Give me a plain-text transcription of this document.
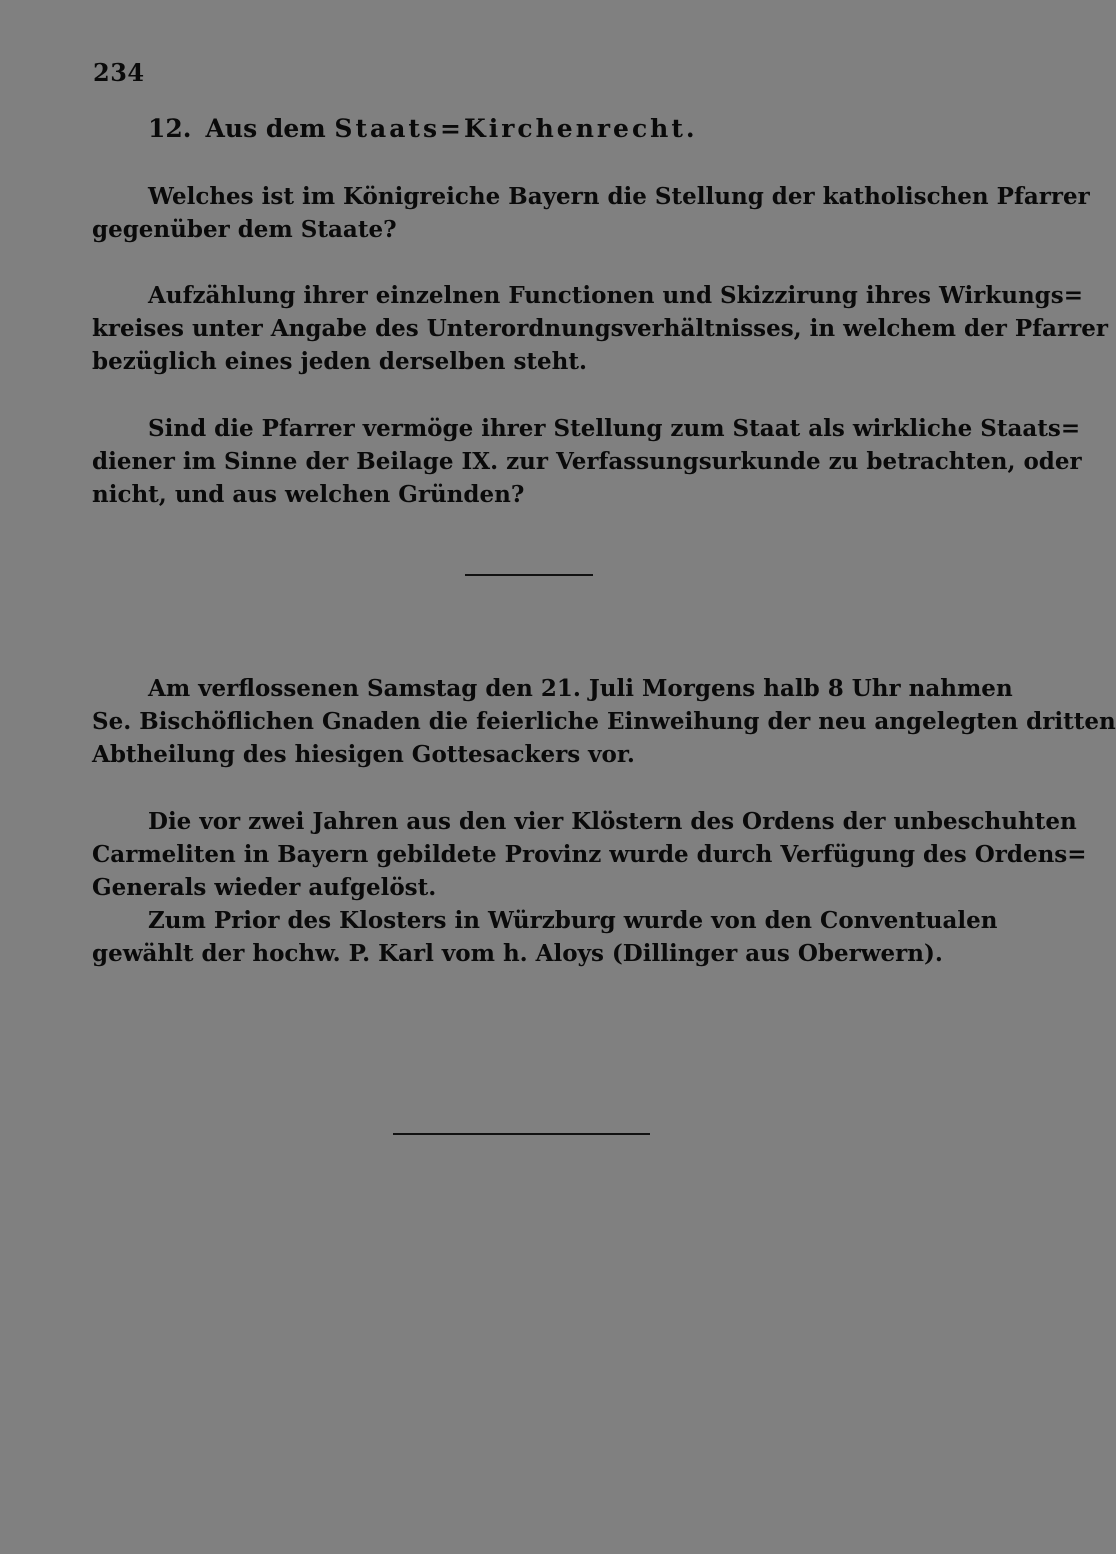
234
12. Aus dem Staats=Kirchenrecht.
Welches ist im Königreiche Bayern die Stellung der katholischen Pfarrer
gegenüber dem Staate?
Aufzählung ihrer einzelnen Functionen und Skizzirung ihres Wirkungs=
kreises unter Angabe des Unterordnungsverhältnisses, in welchem der Pfarrer
bezüglich eines jeden derselben steht.
Sind die Pfarrer vermöge ihrer Stellung zum Staat als wirkliche Staats=
diener im Sinne der Beilage IX. zur Verfassungsurkunde zu betrachten, oder
nicht, und aus welchen Gründen?
Am verflossenen Samstag den 21. Juli Morgens halb 8 Uhr nahmen
Se. Bischöflichen Gnaden die feierliche Einweihung der neu angelegten dritten
Abtheilung des hiesigen Gottesackers vor.
Die vor zwei Jahren aus den vier Klöstern des Ordens der unbeschuhten
Carmeliten in Bayern gebildete Provinz wurde durch Verfügung des Ordens=
Generals wieder aufgelöst.
Zum Prior des Klosters in Würzburg wurde von den Conventualen
gewählt der hochw. P. Karl vom h. Aloys (Dillinger aus Oberwern).
